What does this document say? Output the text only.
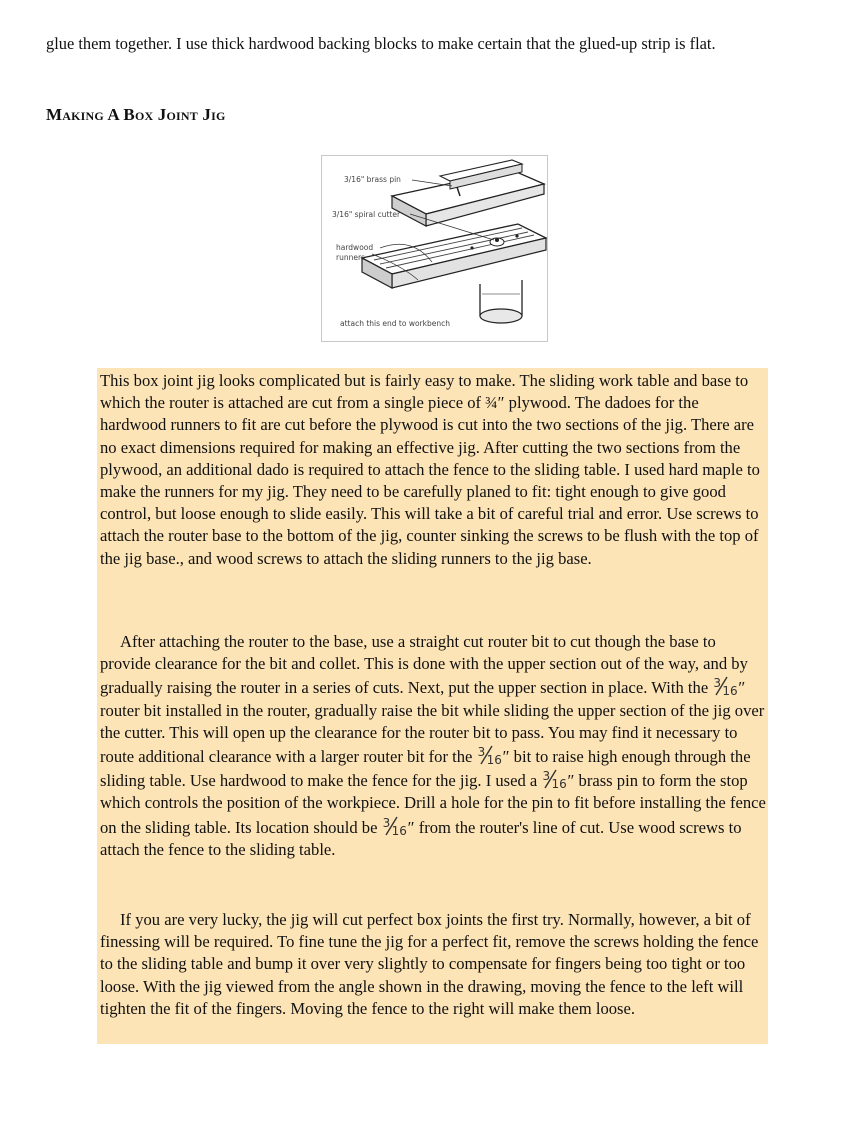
glue them together. I use thick hardwood backing blocks to make certain that the glued-up strip is flat.

Making A Box Joint Jig
3/16" brass pin
3/16" spiral cutter
hardwood
runners
attach this end to workbench

This box joint jig looks complicated but is fairly easy to make. The sliding work table and base to which the router is attached are cut from a single piece of ¾″ plywood. The dadoes for the hardwood runners to fit are cut before the plywood is cut into the two sections of the jig. There are no exact dimensions required for making an effective jig. After cutting the two sections from the plywood, an additional dado is required to attach the fence to the sliding table. I used hard maple to make the runners for my jig. They need to be carefully planed to fit: tight enough to give good control, but loose enough to slide easily. This will take a bit of careful trial and error. Use screws to attach the router base to the bottom of the jig, counter sinking the screws to be flush with the top of the jig base., and wood screws to attach the sliding runners to the jig base.

After attaching the router to the base, use a straight cut router bit to cut though the base to provide clearance for the bit and collet. This is done with the upper section out of the way, and by gradually raising the router in a series of cuts. Next, put the upper section in place. With the 3
16 ″ router bit installed in the router, gradually raise the bit while sliding the upper section of the jig over the cutter. This will open up the clearance for the router bit to pass. You may find it necessary to route additional clearance with a larger router bit for the 3
16 ″ bit to raise high enough through the sliding table. Use hardwood to make the fence for the jig. I used a 3
16 ″ brass pin to form the stop which controls the position of the workpiece. Drill a hole for the pin to fit before installing the fence on the sliding table. Its location should be 3
16 ″ from the router's line of cut. Use wood screws to attach the fence to the sliding table.

If you are very lucky, the jig will cut perfect box joints the first try. Normally, however, a bit of finessing will be required. To fine tune the jig for a perfect fit, remove the screws holding the fence to the sliding table and bump it over very slightly to compensate for fingers being too tight or too loose. With the jig viewed from the angle shown in the drawing, moving the fence to the left will tighten the fit of the fingers. Moving the fence to the right will make them loose.
